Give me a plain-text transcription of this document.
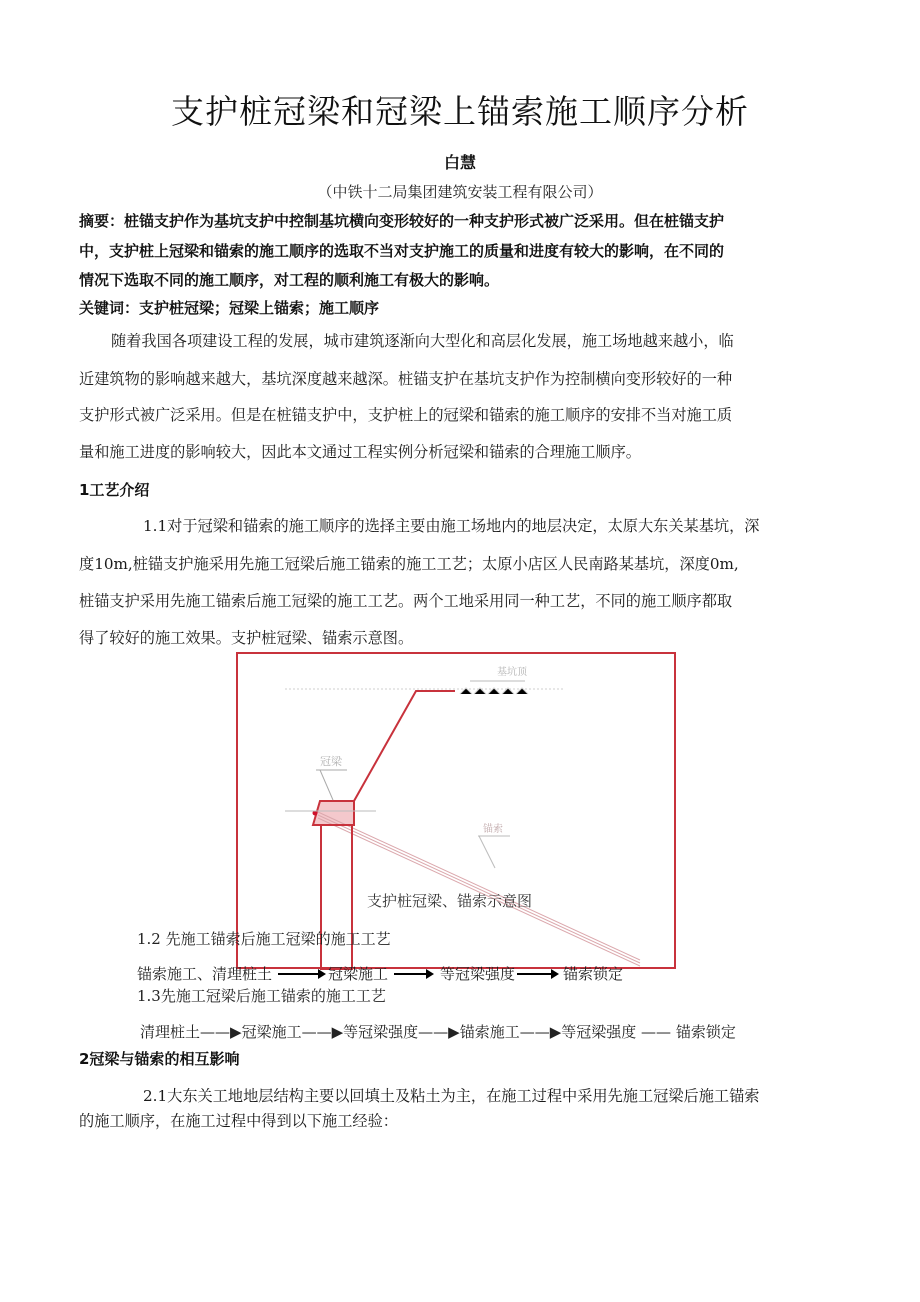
支护桩冠梁和冠梁上锚索施工顺序分析
白慧
（中铁十二局集团建筑安装工程有限公司）
摘要：桩锚支护作为基坑支护中控制基坑横向变形较好的一种支护形式被广泛采用。但在桩锚支护
中，支护桩上冠梁和锚索的施工顺序的选取不当对支护施工的质量和进度有较大的影响，在不同的
情况下选取不同的施工顺序，对工程的顺利施工有极大的影响。
关键词：支护桩冠梁；冠梁上锚索；施工顺序
随着我国各项建设工程的发展，城市建筑逐渐向大型化和高层化发展，施工场地越来越小，临
近建筑物的影响越来越大，基坑深度越来越深。桩锚支护在基坑支护作为控制横向变形较好的一种
支护形式被广泛采用。但是在桩锚支护中，支护桩上的冠梁和锚索的施工顺序的安排不当对施工质
量和施工进度的影响较大，因此本文通过工程实例分析冠梁和锚索的合理施工顺序。
1工艺介绍
1.1对于冠梁和锚索的施工顺序的选择主要由施工场地内的地层决定，太原大东关某基坑，深
度10m,桩锚支护施采用先施工冠梁后施工锚索的施工工艺；太原小店区人民南路某基坑，深度0m,
桩锚支护采用先施工锚索后施工冠梁的施工工艺。两个工地采用同一种工艺，不同的施工顺序都取
得了较好的施工效果。支护桩冠梁、锚索示意图。
基坑顶
冠梁
锚索
支护桩冠梁、锚索示意图
1.2 先施工锚索后施工冠梁的施工工艺
锚索施工、清理桩土	冠梁施工	等冠梁强度	锚索锁定
1.3先施工冠梁后施工锚索的施工工艺
清理桩土——▶冠梁施工——▶等冠梁强度——▶锚索施工——▶等冠梁强度 —— 锚索锁定
2冠梁与锚索的相互影响
2.1大东关工地地层结构主要以回填土及粘土为主，在施工过程中采用先施工冠梁后施工锚索
的施工顺序，在施工过程中得到以下施工经验：
